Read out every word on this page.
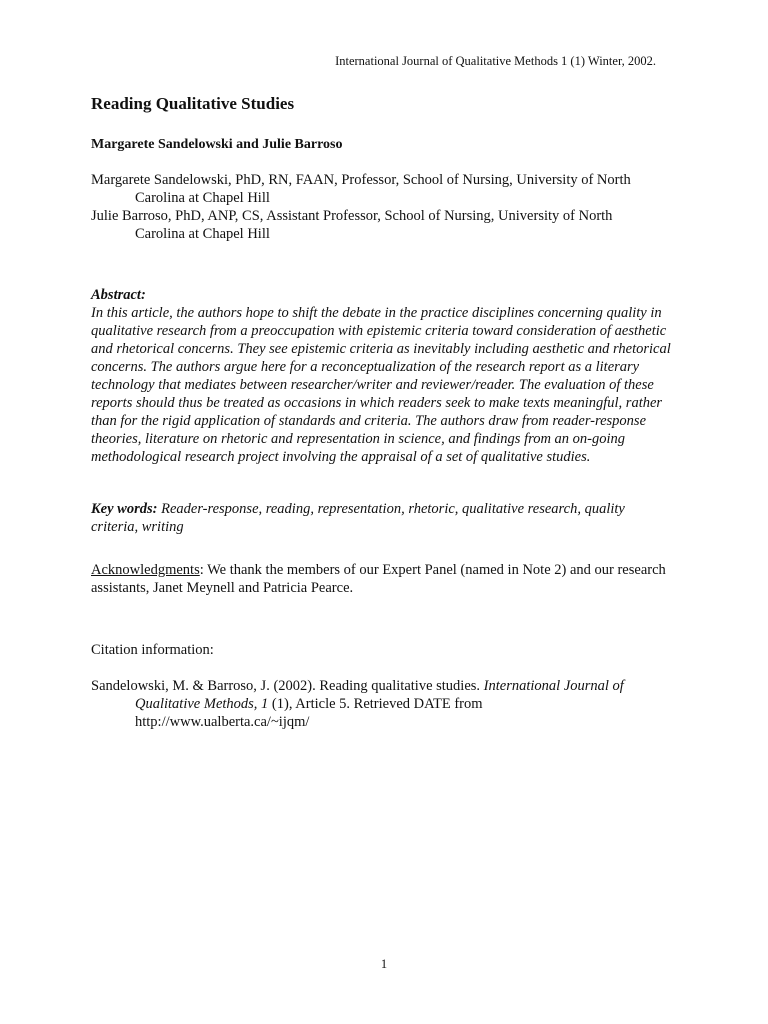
International Journal of Qualitative Methods 1 (1) Winter, 2002.
Reading Qualitative Studies
Margarete Sandelowski and Julie Barroso
Margarete Sandelowski, PhD, RN, FAAN, Professor, School of Nursing, University of North
Carolina at Chapel Hill
Julie Barroso, PhD, ANP, CS, Assistant Professor, School of Nursing, University of North
Carolina at Chapel Hill
Abstract:
In this article, the authors hope to shift the debate in the practice disciplines concerning quality in qualitative research from a preoccupation with epistemic criteria toward consideration of aesthetic and rhetorical concerns. They see epistemic criteria as inevitably including aesthetic and rhetorical concerns. The authors argue here for a reconceptualization of the research report as a literary technology that mediates between researcher/writer and reviewer/reader. The evaluation of these reports should thus be treated as occasions in which readers seek to make texts meaningful, rather than for the rigid application of standards and criteria. The authors draw from reader-response theories, literature on rhetoric and representation in science, and findings from an on-going methodological research project involving the appraisal of a set of qualitative studies.
Key words: Reader-response, reading, representation, rhetoric, qualitative research, quality criteria, writing
Acknowledgments: We thank the members of our Expert Panel (named in Note 2) and our research assistants, Janet Meynell and Patricia Pearce.
Citation information:
Sandelowski, M. & Barroso, J. (2002). Reading qualitative studies. International Journal of
Qualitative Methods, 1 (1), Article 5. Retrieved DATE from
http://www.ualberta.ca/~ijqm/
1
